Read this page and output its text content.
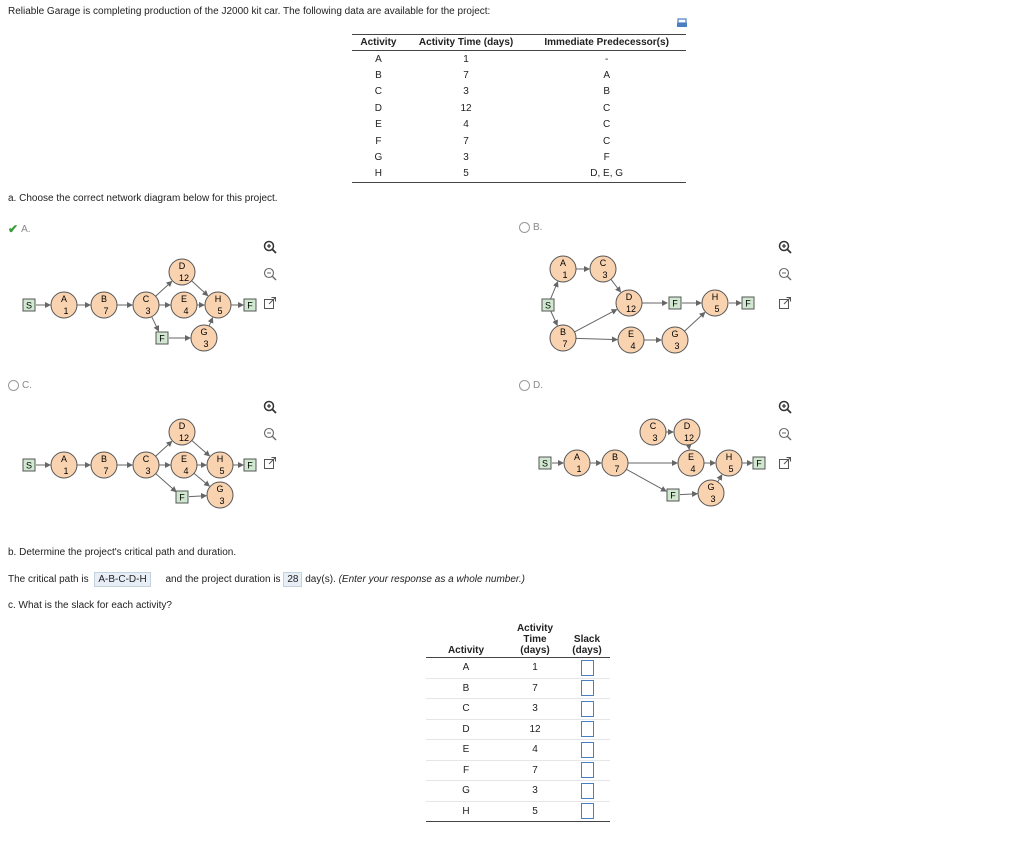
Reliable Garage is completing production of the J2000 kit car. The following data are available for the project:
Activity	Activity Time (days)	Immediate Predecessor(s)
A	1	-
B	7	A
C	3	B
D	12	C
E	4	C
F	7	C
G	3	F
H	5	D, E, G
a. Choose the correct network diagram below for this project.
✔ A.	B.
C.	D.
S
A
1
B
7
C
3
D
12
E
4
F
G
3
H
5
F	S
A
1
C
3
B
7
D
12
E
4
F
G
3
H
5
F
S
A
1
B
7
C
3
D
12
E
4
F
H
5
G
3
F	S
A
1
B
7
C
3
D
12
E
4
F
G
3
H
5
F
b. Determine the project's critical path and duration.
The critical path is A-B-C-D-H and the project duration is 28 day(s). (Enter your response as a whole number.)
c. What is the slack for each activity?
Activity	Activity Time (days)	Slack (days)
A	1	
B	7	
C	3	
D	12	
E	4	
F	7	
G	3	
H	5	
